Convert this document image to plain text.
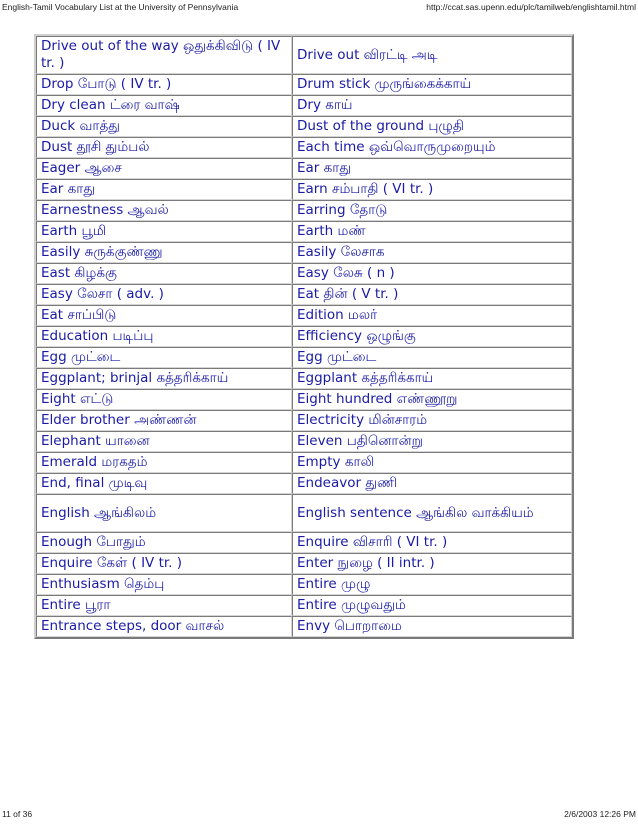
English-Tamil Vocabulary List at the University of Pennsylvania	http://ccat.sas.upenn.edu/plc/tamilweb/englishtamil.html
Drive out of the way ஒதுக்கிவிடு ( IV tr. )	Drive out விரட்டி அடி
Drop போடு ( IV tr. )	Drum stick முருங்கைக்காய்
Dry clean ட்ரை வாஷ்	Dry காய்
Duck வாத்து	Dust of the ground புழுதி
Dust தூசி தும்பல்	Each time ஒவ்வொருமுறையும்
Eager ஆசை	Ear காது
Ear காது	Earn சம்பாதி ( VI tr. )
Earnestness ஆவல்	Earring தோடு
Earth பூமி	Earth மண்
Easily சுருக்குண்ணு	Easily லேசாக
East கிழக்கு	Easy லேசு ( n )
Easy லேசா ( adv. )	Eat தின் ( V tr. )
Eat சாப்பிடு	Edition மலர்
Education படிப்பு	Efficiency ஒழுங்கு
Egg முட்டை	Egg முட்டை
Eggplant; brinjal கத்தரிக்காய்	Eggplant கத்தரிக்காய்
Eight எட்டு	Eight hundred எண்ணூறு
Elder brother அண்ணன்	Electricity மின்சாரம்
Elephant யானை	Eleven பதினொன்று
Emerald மரகதம்	Empty காலி
End, final முடிவு	Endeavor துணி
English ஆங்கிலம்	English sentence ஆங்கில வாக்கியம்
Enough போதும்	Enquire விசாரி ( VI tr. )
Enquire கேள் ( IV tr. )	Enter நுழை ( II intr. )
Enthusiasm தெம்பு	Entire முழு
Entire பூரா	Entire முழுவதும்
Entrance steps, door வாசல்	Envy பொறாமை
11 of 36	2/6/2003 12:26 PM
